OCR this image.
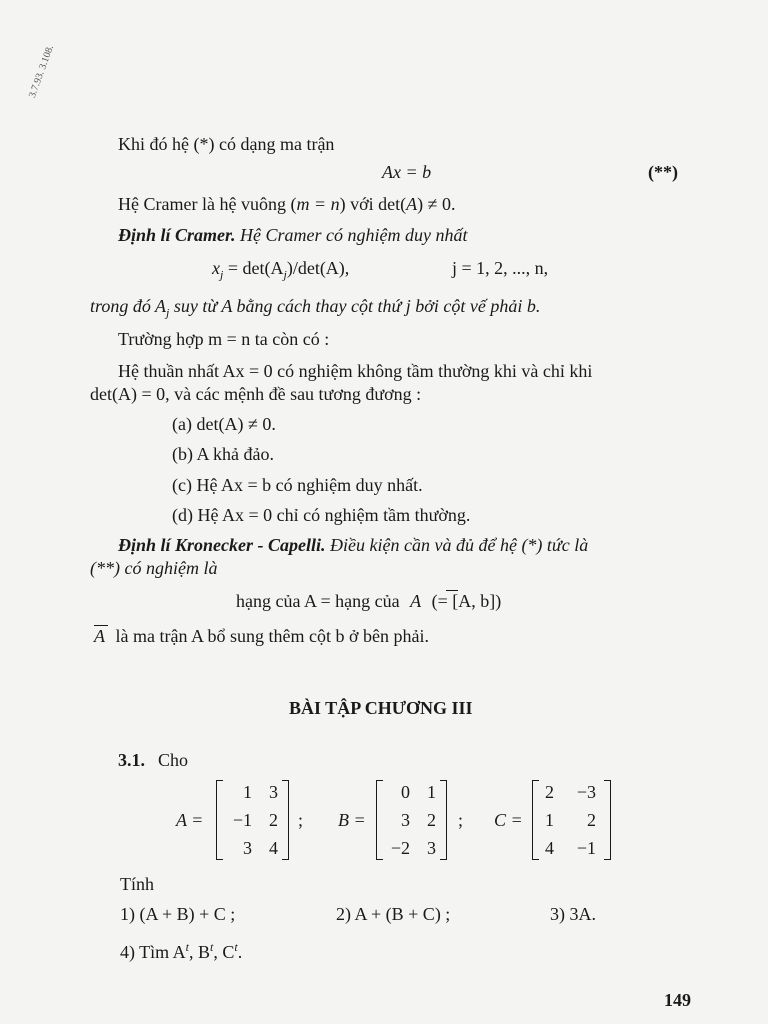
3.7.93. 3.108.
Khi đó hệ (*) có dạng ma trận
Ax = b	(**)
Hệ Cramer là hệ vuông (m = n) với det(A) ≠ 0.
Định lí Cramer. Hệ Cramer có nghiệm duy nhất
$x_j = \det(A_j)/\det(A)$,	j = 1, 2, ..., n,
trong đó $A_j$ suy từ A bằng cách thay cột thứ j bởi cột vế phải b.
Trường hợp m = n ta còn có :
Hệ thuần nhất Ax = 0 có nghiệm không tầm thường khi và chỉ khi
det(A) = 0, và các mệnh đề sau tương đương :
(a) det(A) ≠ 0.
(b) A khả đảo.
(c) Hệ Ax = b có nghiệm duy nhất.
(d) Hệ Ax = 0 chỉ có nghiệm tầm thường.
Định lí Kronecker - Capelli. Điều kiện cần và đủ để hệ (*) tức là
(**) có nghiệm là
hạng của A = hạng của A (= [A, b])
A là ma trận A bổ sung thêm cột b ở bên phải.
BÀI TẬP CHƯƠNG III
3.1. Cho
A =
1 3
−1 2
3 4
; B =
0 1
3 2
−2 3
; C =
2	−3
1	2
4	−1
Tính
1) (A + B) + C ;	2) A + (B + C) ;	3) 3A.
4) Tìm $A^t$, $B^t$, $C^t$.
149
